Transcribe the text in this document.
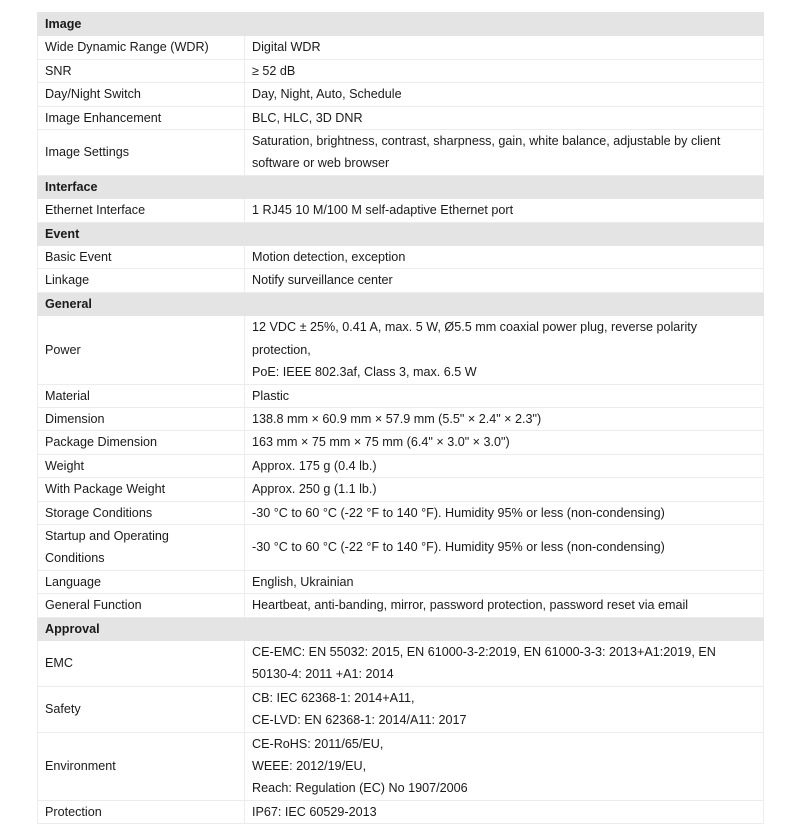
Image	
Wide Dynamic Range (WDR)	Digital WDR

SNR	≥ 52 dB

Day/Night Switch	Day, Night, Auto, Schedule

Image Enhancement	BLC, HLC, 3D DNR

Image Settings	Saturation, brightness, contrast, sharpness, gain, white balance, adjustable by client
software or web browser

Interface	
Ethernet Interface	1 RJ45 10 M/100 M self-adaptive Ethernet port

Event	
Basic Event	Motion detection, exception

Linkage	Notify surveillance center

General	
Power	12 VDC ± 25%, 0.41 A, max. 5 W, Ø5.5 mm coaxial power plug, reverse polarity
protection,
PoE: IEEE 802.3af, Class 3, max. 6.5 W

Material	Plastic

Dimension	138.8 mm × 60.9 mm × 57.9 mm (5.5" × 2.4" × 2.3")

Package Dimension	163 mm × 75 mm × 75 mm (6.4" × 3.0" × 3.0")

Weight	Approx. 175 g (0.4 lb.)

With Package Weight	Approx. 250 g (1.1 lb.)

Storage Conditions	-30 °C to 60 °C (-22 °F to 140 °F). Humidity 95% or less (non-condensing)

Startup and Operating
Conditions	-30 °C to 60 °C (-22 °F to 140 °F). Humidity 95% or less (non-condensing)

Language	English, Ukrainian

General Function	Heartbeat, anti-banding, mirror, password protection, password reset via email

Approval	
EMC	CE-EMC: EN 55032: 2015, EN 61000-3-2:2019, EN 61000-3-3: 2013+A1:2019, EN
50130-4: 2011 +A1: 2014

Safety	CB: IEC 62368-1: 2014+A11,
CE-LVD: EN 62368-1: 2014/A11: 2017

Environment	CE-RoHS: 2011/65/EU,
WEEE: 2012/19/EU,
Reach: Regulation (EC) No 1907/2006

Protection	IP67: IEC 60529-2013
